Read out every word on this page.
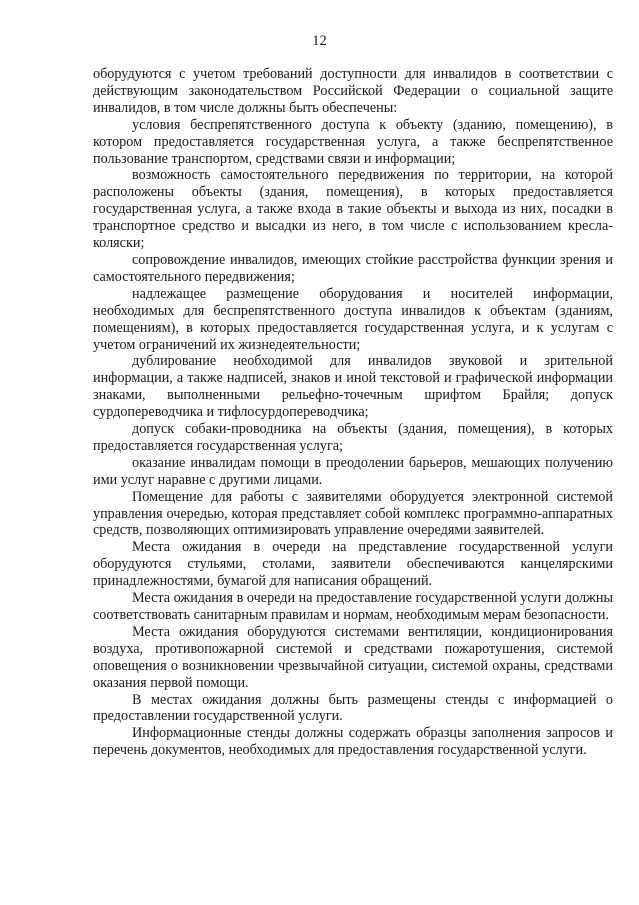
12

оборудуются с учетом требований доступности для инвалидов в соответствии с действующим законодательством Российской Федерации о социальной защите инвалидов, в том числе должны быть обеспечены:

условия беспрепятственного доступа к объекту (зданию, помещению), в котором предоставляется государственная услуга, а также беспрепятственное пользование транспортом, средствами связи и информации;

возможность самостоятельного передвижения по территории, на которой расположены объекты (здания, помещения), в которых предоставляется государственная услуга, а также входа в такие объекты и выхода из них, посадки в транспортное средство и высадки из него, в том числе с использованием кресла-коляски;

сопровождение инвалидов, имеющих стойкие расстройства функции зрения и самостоятельного передвижения;

надлежащее размещение оборудования и носителей информации, необходимых для беспрепятственного доступа инвалидов к объектам (зданиям, помещениям), в которых предоставляется государственная услуга, и к услугам с учетом ограничений их жизнедеятельности;

дублирование необходимой для инвалидов звуковой и зрительной информации, а также надписей, знаков и иной текстовой и графической информации знаками, выполненными рельефно-точечным шрифтом Брайля; допуск сурдопереводчика и тифлосурдопереводчика;

допуск собаки-проводника на объекты (здания, помещения), в которых предоставляется государственная услуга;

оказание инвалидам помощи в преодолении барьеров, мешающих получению ими услуг наравне с другими лицами.

Помещение для работы с заявителями оборудуется электронной системой управления очередью, которая представляет собой комплекс программно-аппаратных средств, позволяющих оптимизировать управление очередями заявителей.

Места ожидания в очереди на представление государственной услуги оборудуются стульями, столами, заявители обеспечиваются канцелярскими принадлежностями, бумагой для написания обращений.

Места ожидания в очереди на предоставление государственной услуги должны соответствовать санитарным правилам и нормам, необходимым мерам безопасности.

Места ожидания оборудуются системами вентиляции, кондиционирования воздуха, противопожарной системой и средствами пожаротушения, системой оповещения о возникновении чрезвычайной ситуации, системой охраны, средствами оказания первой помощи.

В местах ожидания должны быть размещены стенды с информацией о предоставлении государственной услуги.

Информационные стенды должны содержать образцы заполнения запросов и перечень документов, необходимых для предоставления государственной услуги.
